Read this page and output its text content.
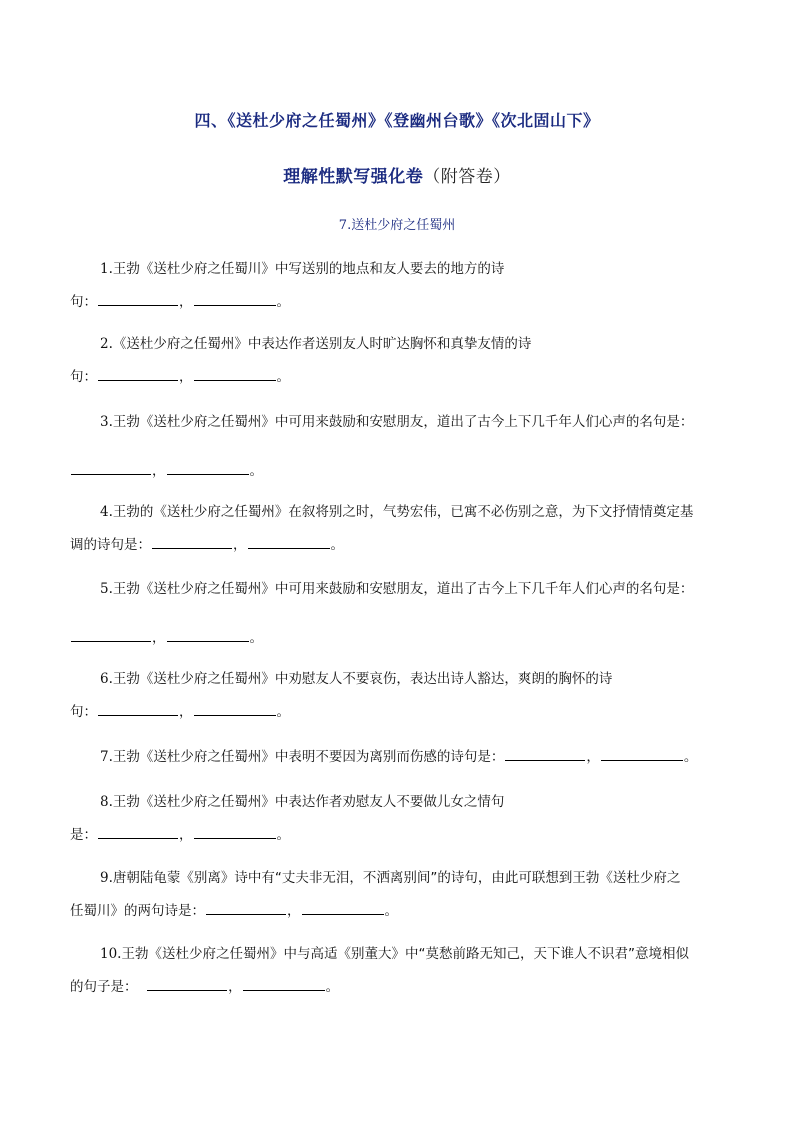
四、《送杜少府之任蜀州》《登幽州台歌》《次北固山下》
理解性默写强化卷（附答卷）
7.送杜少府之任蜀州
1.王勃《送杜少府之任蜀川》中写送别的地点和友人要去的地方的诗
句：	，	。
2.《送杜少府之任蜀州》中表达作者送别友人时旷达胸怀和真挚友情的诗
句：	，	。
3.王勃《送杜少府之任蜀州》中可用来鼓励和安慰朋友，道出了古今上下几千年人们心声的名句是：
，	。
4.王勃的《送杜少府之任蜀州》在叙将别之时，气势宏伟，已寓不必伤别之意，为下文抒情情奠定基
调的诗句是：	，	。
5.王勃《送杜少府之任蜀州》中可用来鼓励和安慰朋友，道出了古今上下几千年人们心声的名句是：
，	。
6.王勃《送杜少府之任蜀州》中劝慰友人不要哀伤，表达出诗人豁达，爽朗的胸怀的诗
句：	，	。
7.王勃《送杜少府之任蜀州》中表明不要因为离别而伤感的诗句是：	，	。
8.王勃《送杜少府之任蜀州》中表达作者劝慰友人不要做儿女之情句
是：	，	。
9.唐朝陆龟蒙《别离》诗中有“丈夫非无泪，不洒离别间”的诗句，由此可联想到王勃《送杜少府之
任蜀川》的两句诗是：	，	。
10.王勃《送杜少府之任蜀州》中与高适《别董大》中“莫愁前路无知己，天下谁人不识君”意境相似
的句子是：	，	。
